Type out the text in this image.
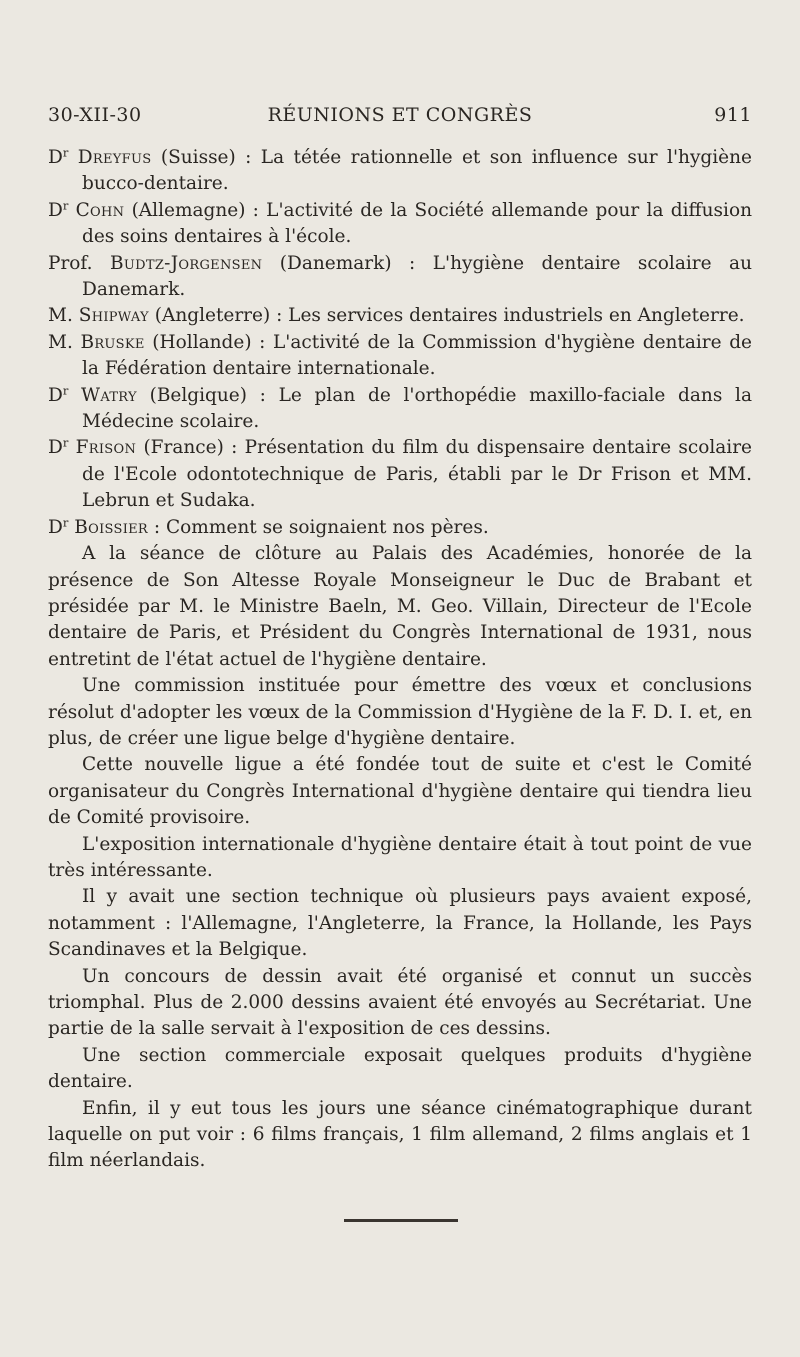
30-XII-30	RÉUNIONS ET CONGRÈS	911

$D^r$ Dreyfus (Suisse) : La tétée rationnelle et son influence sur l'hygiène bucco-dentaire.

$D^r$ Cohn (Allemagne) : L'activité de la Société allemande pour la diffusion des soins dentaires à l'école.

Prof. Budtz-Jorgensen (Danemark) : L'hygiène dentaire scolaire au Danemark.

M. Shipway (Angleterre) : Les services dentaires industriels en Angleterre.

M. Bruske (Hollande) : L'activité de la Commission d'hygiène dentaire de la Fédération dentaire internationale.

$D^r$ Watry (Belgique) : Le plan de l'orthopédie maxillo-faciale dans la Médecine scolaire.

$D^r$ Frison (France) : Présentation du film du dispensaire dentaire scolaire de l'Ecole odontotechnique de Paris, établi par le Dr Frison et MM. Lebrun et Sudaka.

$D^r$ Boissier : Comment se soignaient nos pères.

A la séance de clôture au Palais des Académies, honorée de la présence de Son Altesse Royale Monseigneur le Duc de Brabant et présidée par M. le Ministre Baeln, M. Geo. Villain, Directeur de l'Ecole dentaire de Paris, et Président du Congrès International de 1931, nous entretint de l'état actuel de l'hygiène dentaire.

Une commission instituée pour émettre des vœux et conclusions résolut d'adopter les vœux de la Commission d'Hygiène de la F. D. I. et, en plus, de créer une ligue belge d'hygiène dentaire.

Cette nouvelle ligue a été fondée tout de suite et c'est le Comité organisateur du Congrès International d'hygiène dentaire qui tiendra lieu de Comité provisoire.

L'exposition internationale d'hygiène dentaire était à tout point de vue très intéressante.

Il y avait une section technique où plusieurs pays avaient exposé, notamment : l'Allemagne, l'Angleterre, la France, la Hollande, les Pays Scandinaves et la Belgique.

Un concours de dessin avait été organisé et connut un succès triomphal. Plus de 2.000 dessins avaient été envoyés au Secrétariat. Une partie de la salle servait à l'exposition de ces dessins.

Une section commerciale exposait quelques produits d'hygiène dentaire.

Enfin, il y eut tous les jours une séance cinématographique durant laquelle on put voir : 6 films français, 1 film allemand, 2 films anglais et 1 film néerlandais.
